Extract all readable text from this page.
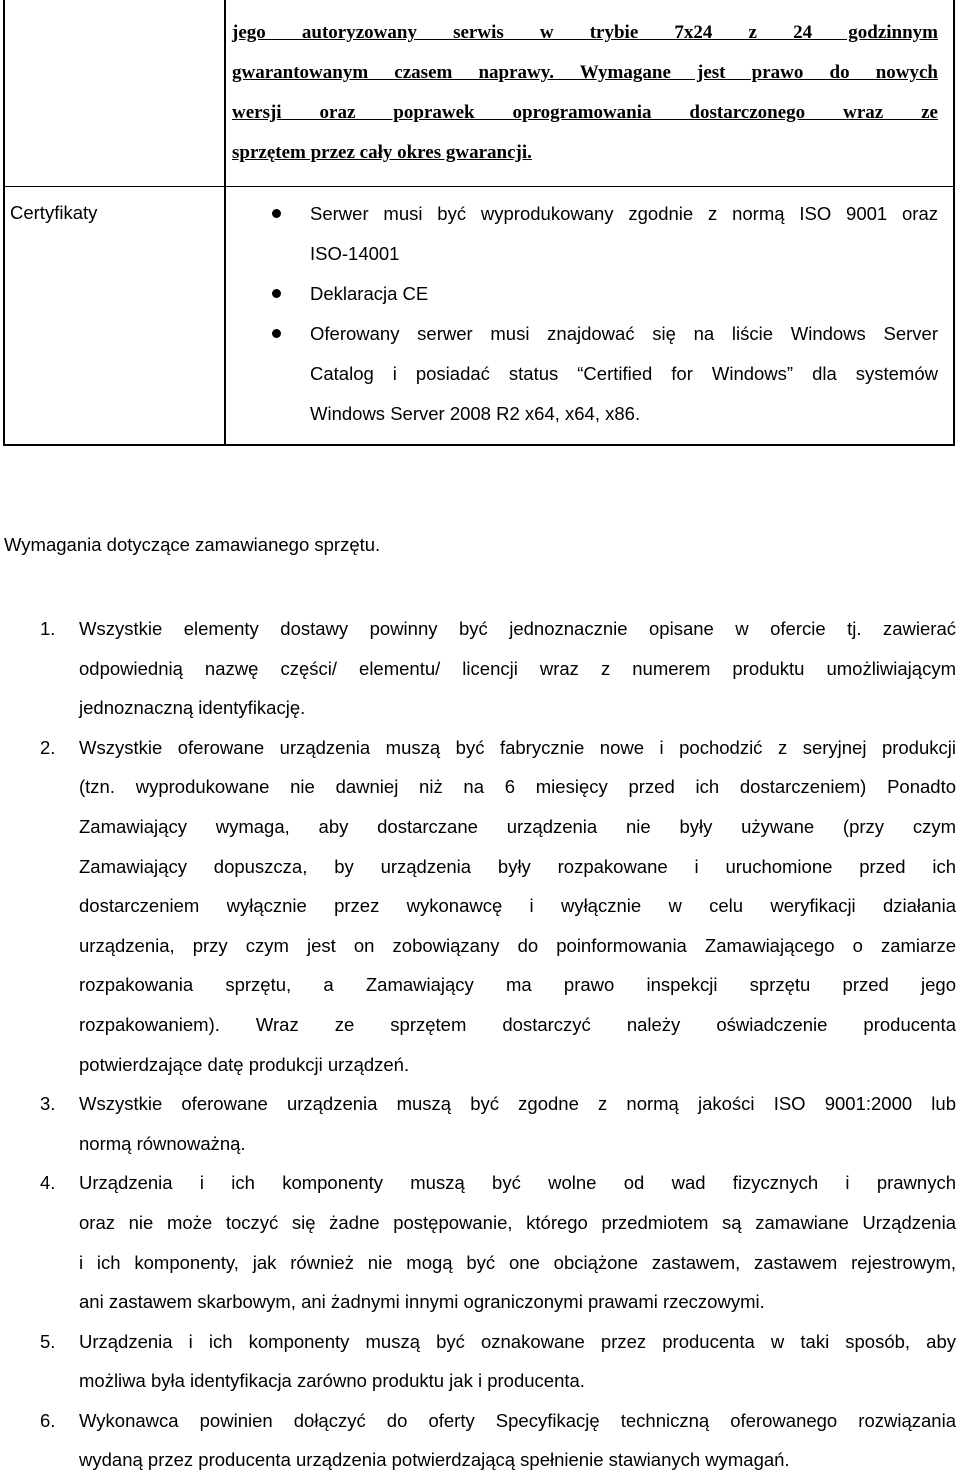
jego autoryzowany serwis w trybie 7x24 z 24 godzinnym
gwarantowanym czasem naprawy. Wymagane jest prawo do nowych
wersji oraz poprawek oprogramowania dostarczonego wraz ze
sprzętem przez cały okres gwarancji.
Certyfikaty	Serwer musi być wyprodukowany zgodnie z normą ISO 9001 oraz
ISO-14001
Deklaracja CE
Oferowany serwer musi znajdować się na liście Windows Server
Catalog i posiadać status “Certified for Windows” dla systemów
Windows Server 2008 R2 x64, x64, x86.
Wymagania dotyczące zamawianego sprzętu.
1. Wszystkie elementy dostawy powinny być jednoznacznie opisane w ofercie tj. zawierać
odpowiednią nazwę części/ elementu/ licencji wraz z numerem produktu umożliwiającym
jednoznaczną identyfikację.
2. Wszystkie oferowane urządzenia muszą być fabrycznie nowe i pochodzić z seryjnej produkcji
(tzn. wyprodukowane nie dawniej niż na 6 miesięcy przed ich dostarczeniem) Ponadto
Zamawiający wymaga, aby dostarczane urządzenia nie były używane (przy czym
Zamawiający dopuszcza, by urządzenia były rozpakowane i uruchomione przed ich
dostarczeniem wyłącznie przez wykonawcę i wyłącznie w celu weryfikacji działania
urządzenia, przy czym jest on zobowiązany do poinformowania Zamawiającego o zamiarze
rozpakowania sprzętu, a Zamawiający ma prawo inspekcji sprzętu przed jego
rozpakowaniem). Wraz ze sprzętem dostarczyć należy oświadczenie producenta
potwierdzające datę produkcji urządzeń.
3. Wszystkie oferowane urządzenia muszą być zgodne z normą jakości ISO 9001:2000 lub
normą równoważną.
4. Urządzenia i ich komponenty muszą być wolne od wad fizycznych i prawnych
oraz nie może toczyć się żadne postępowanie, którego przedmiotem są zamawiane Urządzenia
i ich komponenty, jak również nie mogą być one obciążone zastawem, zastawem rejestrowym,
ani zastawem skarbowym, ani żadnymi innymi ograniczonymi prawami rzeczowymi.
5. Urządzenia i ich komponenty muszą być oznakowane przez producenta w taki sposób, aby
możliwa była identyfikacja zarówno produktu jak i producenta.
6. Wykonawca powinien dołączyć do oferty Specyfikację techniczną oferowanego rozwiązania
wydaną przez producenta urządzenia potwierdzającą spełnienie stawianych wymagań.
